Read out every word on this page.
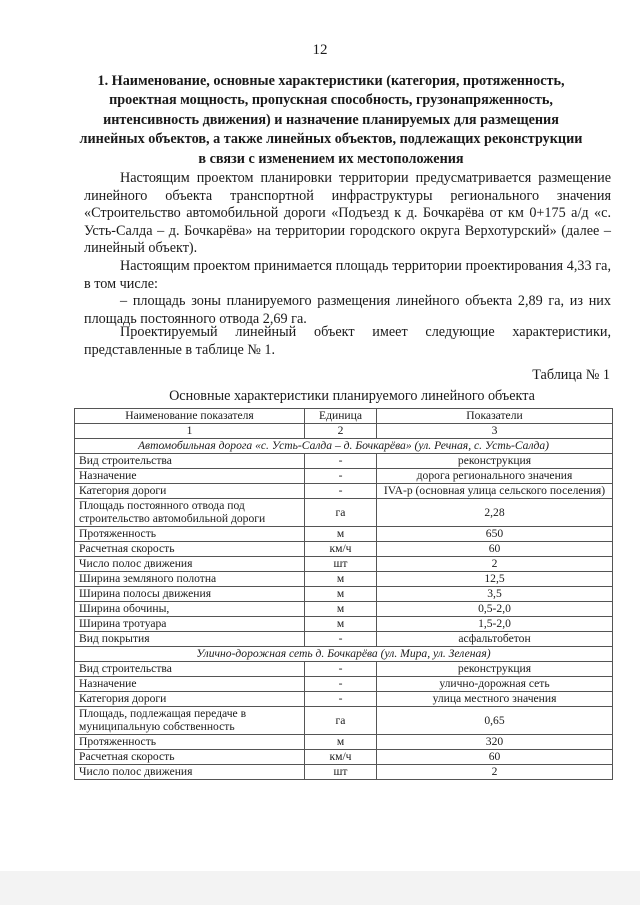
12
1. Наименование, основные характеристики (категория, протяженность, проектная мощность, пропускная способность, грузонапряженность, интенсивность движения) и назначение планируемых для размещения линейных объектов, а также линейных объектов, подлежащих реконструкции в связи с изменением их местоположения
Настоящим проектом планировки территории предусматривается размещение линейного объекта транспортной инфраструктуры регионального значения «Строительство автомобильной дороги «Подъезд к д. Бочкарёва от км 0+175 а/д «с. Усть-Салда – д. Бочкарёва» на территории городского округа Верхотурский» (далее – линейный объект).
Настоящим проектом принимается площадь территории проектирования 4,33 га, в том числе:
– площадь зоны планируемого размещения линейного объекта 2,89 га, из них площадь постоянного отвода 2,69 га.
Проектируемый линейный объект имеет следующие характеристики, представленные в таблице № 1.
Таблица № 1
Основные характеристики планируемого линейного объекта
Наименование показателя	Единица	Показатели
1	2	3
Автомобильная дорога «с. Усть-Салда – д. Бочкарёва» (ул. Речная, с. Усть-Салда)		
Вид строительства	-	реконструкция
Назначение	-	дорога регионального значения
Категория дороги	-	IVA-р (основная улица сельского поселения)
Площадь постоянного отвода под строительство автомобильной дороги	га	2,28
Протяженность	м	650
Расчетная скорость	км/ч	60
Число полос движения	шт	2
Ширина земляного полотна	м	12,5
Ширина полосы движения	м	3,5
Ширина обочины,	м	0,5-2,0
Ширина тротуара	м	1,5-2,0
Вид покрытия	-	асфальтобетон
Улично-дорожная сеть д. Бочкарёва (ул. Мира, ул. Зеленая)		
Вид строительства	-	реконструкция
Назначение	-	улично-дорожная сеть
Категория дороги	-	улица местного значения
Площадь, подлежащая передаче в муниципальную собственность	га	0,65
Протяженность	м	320
Расчетная скорость	км/ч	60
Число полос движения	шт	2
